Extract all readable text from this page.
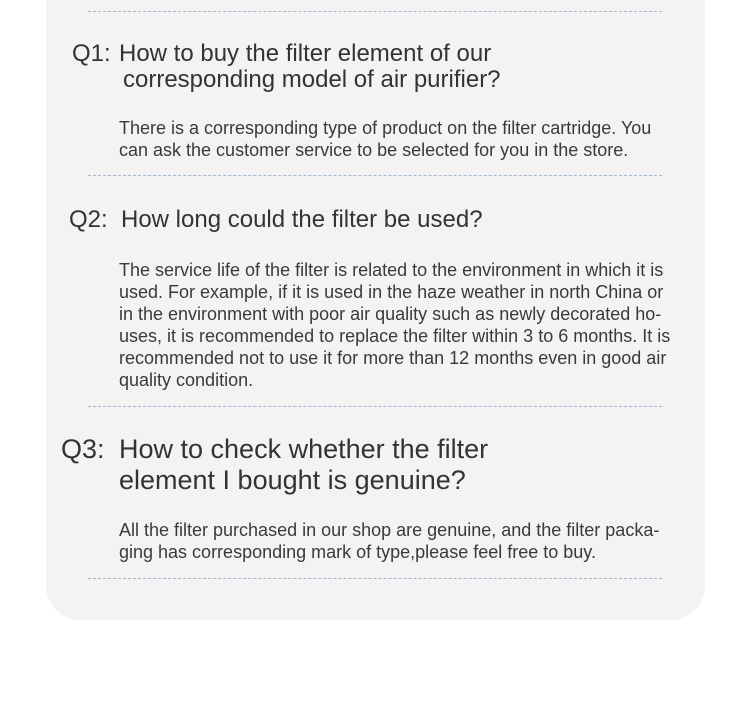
Q1: How to buy the filter element of our
corresponding model of air purifier?
There is a corresponding type of product on the filter cartridge. You
can ask the customer service to be selected for you in the store.
Q2: How long could the filter be used?
The service life of the filter is related to the environment in which it is
used. For example, if it is used in the haze weather in north China or
in the environment with poor air quality such as newly decorated ho-
uses, it is recommended to replace the filter within 3 to 6 months. It is
recommended not to use it for more than 12 months even in good air
quality condition.
Q3: How to check whether the filter
element I bought is genuine?
All the filter purchased in our shop are genuine, and the filter packa-
ging has corresponding mark of type,please feel free to buy.
